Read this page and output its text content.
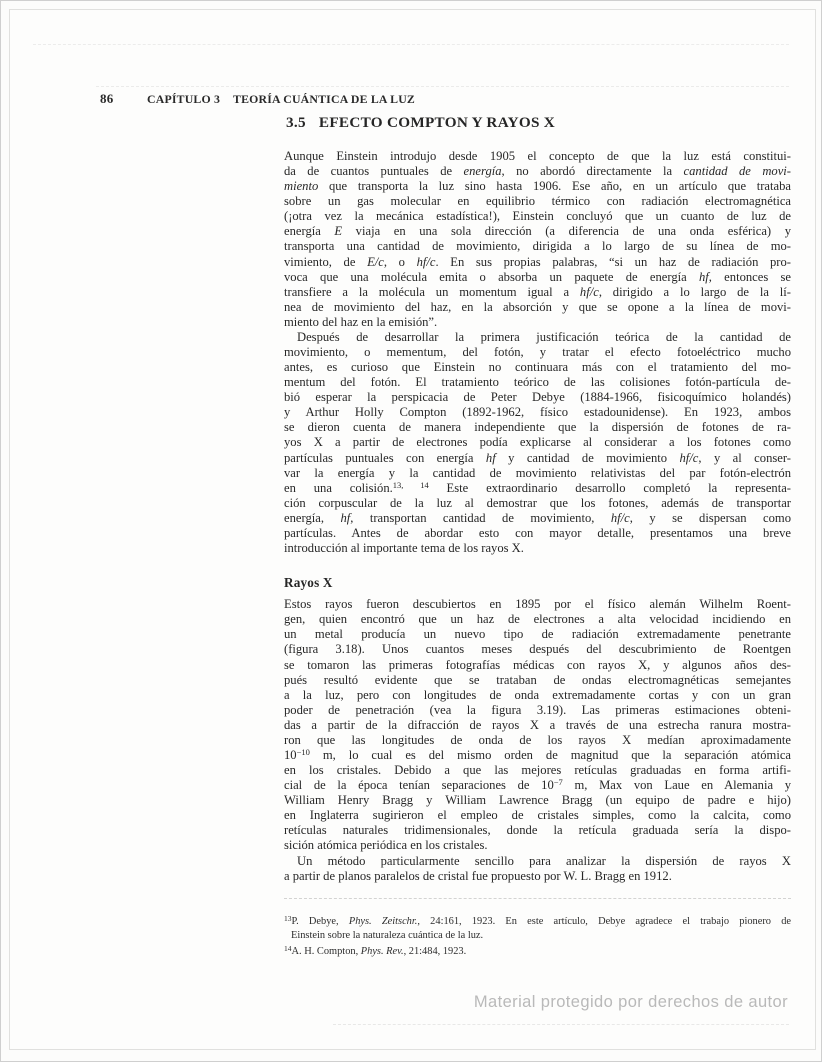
86	CAPÍTULO 3 TEORÍA CUÁNTICA DE LA LUZ
3.5 EFECTO COMPTON Y RAYOS X
Aunque Einstein introdujo desde 1905 el concepto de que la luz está constitui-
da de cuantos puntuales de energía, no abordó directamente la cantidad de movi-
miento que transporta la luz sino hasta 1906. Ese año, en un artículo que trataba
sobre un gas molecular en equilibrio térmico con radiación electromagnética
(¡otra vez la mecánica estadística!), Einstein concluyó que un cuanto de luz de
energía E viaja en una sola dirección (a diferencia de una onda esférica) y
transporta una cantidad de movimiento, dirigida a lo largo de su línea de mo-
vimiento, de E/c, o hf/c. En sus propias palabras, “si un haz de radiación pro-
voca que una molécula emita o absorba un paquete de energía hf, entonces se
transfiere a la molécula un momentum igual a hf/c, dirigido a lo largo de la lí-
nea de movimiento del haz, en la absorción y que se opone a la línea de movi-
miento del haz en la emisión”.
Después de desarrollar la primera justificación teórica de la cantidad de
movimiento, o mementum, del fotón, y tratar el efecto fotoeléctrico mucho
antes, es curioso que Einstein no continuara más con el tratamiento del mo-
mentum del fotón. El tratamiento teórico de las colisiones fotón-partícula de-
bió esperar la perspicacia de Peter Debye (1884-1966, fisicoquímico holandés)
y Arthur Holly Compton (1892-1962, físico estadounidense). En 1923, ambos
se dieron cuenta de manera independiente que la dispersión de fotones de ra-
yos X a partir de electrones podía explicarse al considerar a los fotones como
partículas puntuales con energía hf y cantidad de movimiento hf/c, y al conser-
var la energía y la cantidad de movimiento relativistas del par fotón-electrón
en una colisión.$^{13, 14}$ Este extraordinario desarrollo completó la representa-
ción corpuscular de la luz al demostrar que los fotones, además de transportar
energía, hf, transportan cantidad de movimiento, hf/c, y se dispersan como
partículas. Antes de abordar esto con mayor detalle, presentamos una breve
introducción al importante tema de los rayos X.
Rayos X
Estos rayos fueron descubiertos en 1895 por el físico alemán Wilhelm Roent-
gen, quien encontró que un haz de electrones a alta velocidad incidiendo en
un metal producía un nuevo tipo de radiación extremadamente penetrante
(figura 3.18). Unos cuantos meses después del descubrimiento de Roentgen
se tomaron las primeras fotografías médicas con rayos X, y algunos años des-
pués resultó evidente que se trataban de ondas electromagnéticas semejantes
a la luz, pero con longitudes de onda extremadamente cortas y con un gran
poder de penetración (vea la figura 3.19). Las primeras estimaciones obteni-
das a partir de la difracción de rayos X a través de una estrecha ranura mostra-
ron que las longitudes de onda de los rayos X medían aproximadamente
$10^{-10}$ m, lo cual es del mismo orden de magnitud que la separación atómica
en los cristales. Debido a que las mejores retículas graduadas en forma artifi-
cial de la época tenían separaciones de $10^{-7}$ m, Max von Laue en Alemania y
William Henry Bragg y William Lawrence Bragg (un equipo de padre e hijo)
en Inglaterra sugirieron el empleo de cristales simples, como la calcita, como
retículas naturales tridimensionales, donde la retícula graduada sería la dispo-
sición atómica periódica en los cristales.
Un método particularmente sencillo para analizar la dispersión de rayos X
a partir de planos paralelos de cristal fue propuesto por W. L. Bragg en 1912.
$^{13}$P. Debye, Phys. Zeitschr., 24:161, 1923. En este artículo, Debye agradece el trabajo pionero de
Einstein sobre la naturaleza cuántica de la luz.
$^{14}$A. H. Compton, Phys. Rev., 21:484, 1923.
Material protegido por derechos de autor
